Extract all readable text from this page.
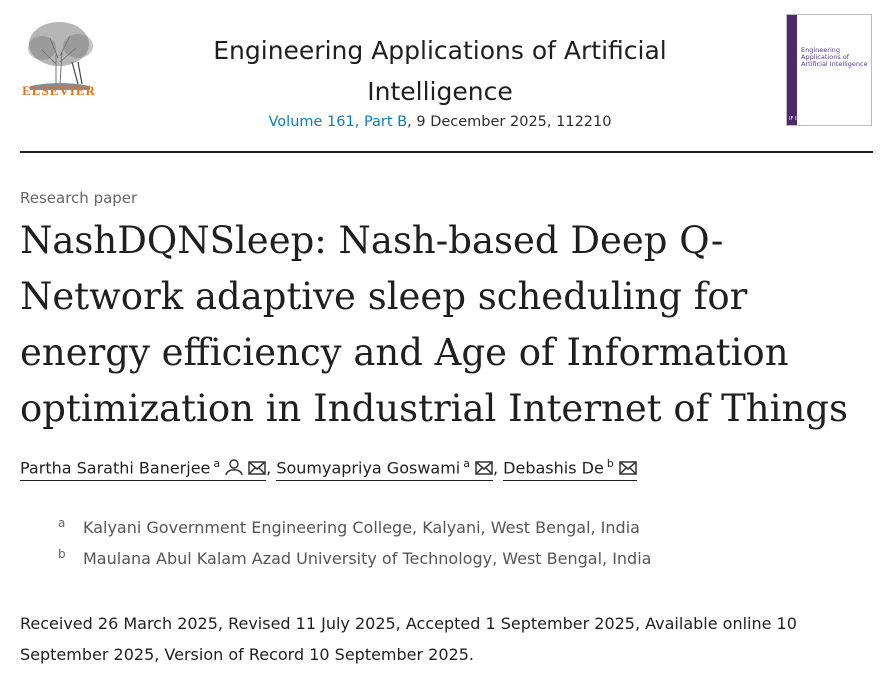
ELSEVIER
Engineering Applications of Artificial Intelligence
Volume 161, Part B, 9 December 2025, 112210
Engineering Applications of Artificial Intelligence
IF IFAC
Research paper
NashDQNSleep: Nash-based Deep Q-Network adaptive sleep scheduling for energy efficiency and Age of Information optimization in Industrial Internet of Things
Partha Sarathi Banerjee $^a$	, Soumyapriya Goswami $^a$ , Debashis De $^b$
a Kalyani Government Engineering College, Kalyani, West Bengal, India
b Maulana Abul Kalam Azad University of Technology, West Bengal, India
Received 26 March 2025, Revised 11 July 2025, Accepted 1 September 2025, Available online 10 September 2025, Version of Record 10 September 2025.
